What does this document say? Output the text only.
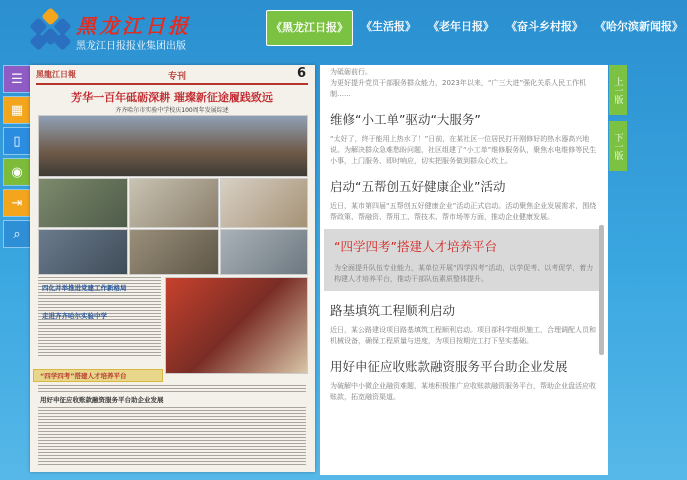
黑龙江日报
黑龙江日报报业集团出版
《黑龙江日报》	《生活报》	《老年日报》	《奋斗乡村报》	《哈尔滨新闻报》
☰
▦
▯
◉
⇥
⌕
黑龍江日報	专刊	6
芳华一百年砥砺深耕 璀璨新征途履践致远
齐齐哈尔市实验中学校庆100周年发展综述
四化并举推进党建工作新格局
走进齐齐哈尔实验中学
“四学四考”搭建人才培养平台
用好申征应收账款融资服务平台助企业发展
为砥砺前行。
为更好提升党员干部服务群众能力，2023年以来，“广三大进”强化关系人民工作机制……
维修“小工单”驱动“大服务”
“太好了，终于能用上热水了！”日前，在某社区一位居民打开刚修好的热水器高兴地说。为解决群众急难愁盼问题，社区组建了“小工单”维修服务队，聚焦水电维修等民生小事，上门服务、即时响应，切实把服务做到群众心坎上。
启动“五帮创五好健康企业”活动
近日，某市第四届“五帮创五好健康企业”活动正式启动。活动聚焦企业发展需求，围绕帮政策、帮融资、帮用工、帮技术、帮市场等方面，推动企业健康发展。
“四学四考”搭建人才培养平台
为全面提升队伍专业能力，某单位开展“四学四考”活动，以学促考、以考促学，着力构建人才培养平台，推动干部队伍素质整体提升。
路基填筑工程顺利启动
近日，某公路建设项目路基填筑工程顺利启动。项目部科学组织施工，合理调配人员和机械设备，确保工程质量与进度，为项目按期完工打下坚实基础。
用好申征应收账款融资服务平台助企业发展
为破解中小微企业融资难题，某地积极推广应收账款融资服务平台，帮助企业盘活应收账款，拓宽融资渠道。
上一版
下一版
